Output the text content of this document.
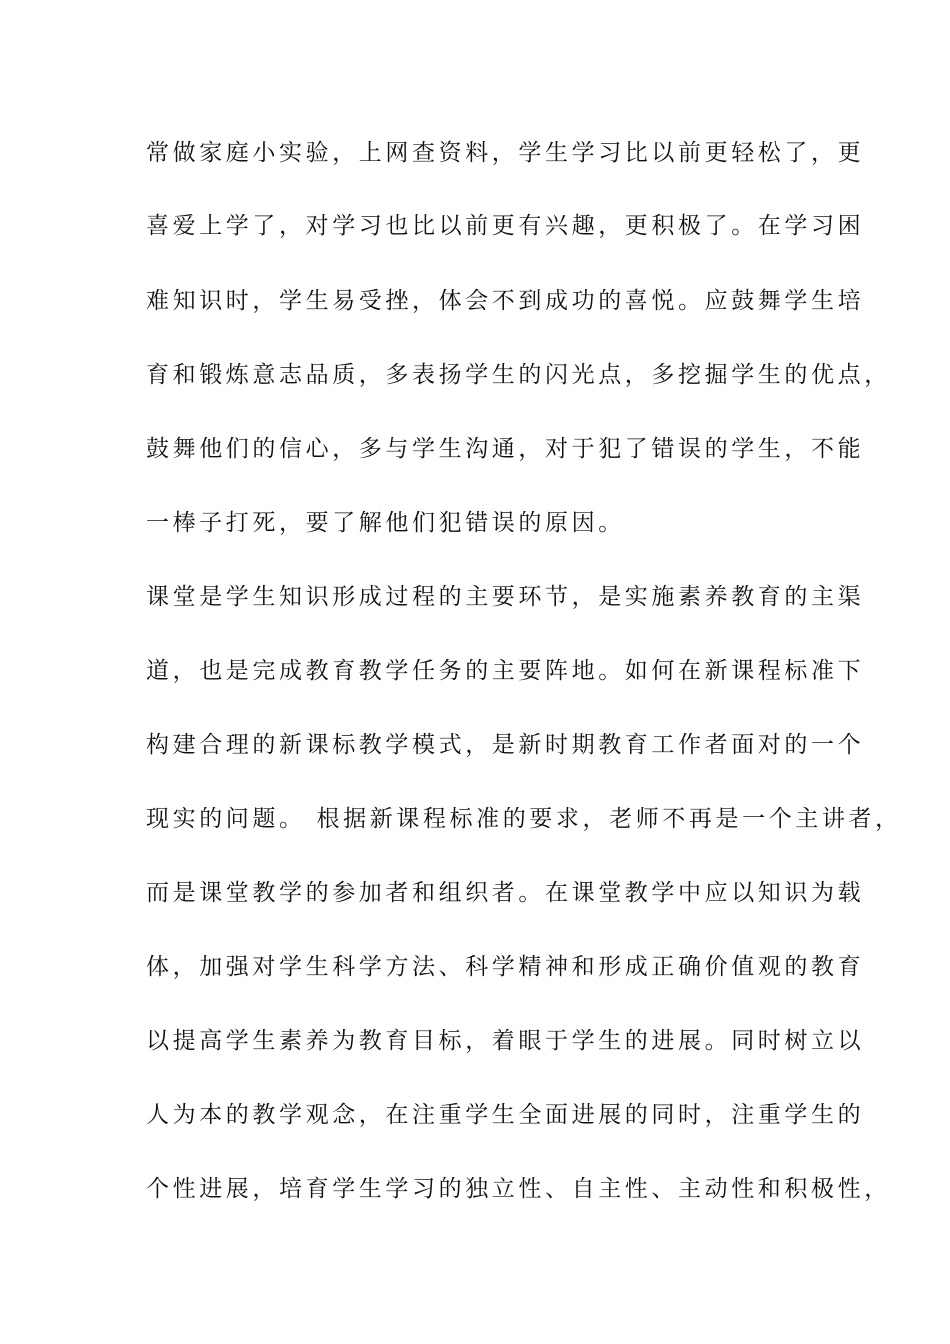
常做家庭小实验，上网查资料，学生学习比以前更轻松了，更
喜爱上学了，对学习也比以前更有兴趣，更积极了。在学习困
难知识时，学生易受挫，体会不到成功的喜悦。应鼓舞学生培
育和锻炼意志品质，多表扬学生的闪光点，多挖掘学生的优点，
鼓舞他们的信心，多与学生沟通，对于犯了错误的学生，不能
一棒子打死，要了解他们犯错误的原因。
课堂是学生知识形成过程的主要环节，是实施素养教育的主渠
道，也是完成教育教学任务的主要阵地。如何在新课程标准下
构建合理的新课标教学模式，是新时期教育工作者面对的一个
现实的问题。 根据新课程标准的要求，老师不再是一个主讲者，
而是课堂教学的参加者和组织者。在课堂教学中应以知识为载
体，加强对学生科学方法、科学精神和形成正确价值观的教育
以提高学生素养为教育目标，着眼于学生的进展。同时树立以
人为本的教学观念，在注重学生全面进展的同时，注重学生的
个性进展，培育学生学习的独立性、自主性、主动性和积极性，
